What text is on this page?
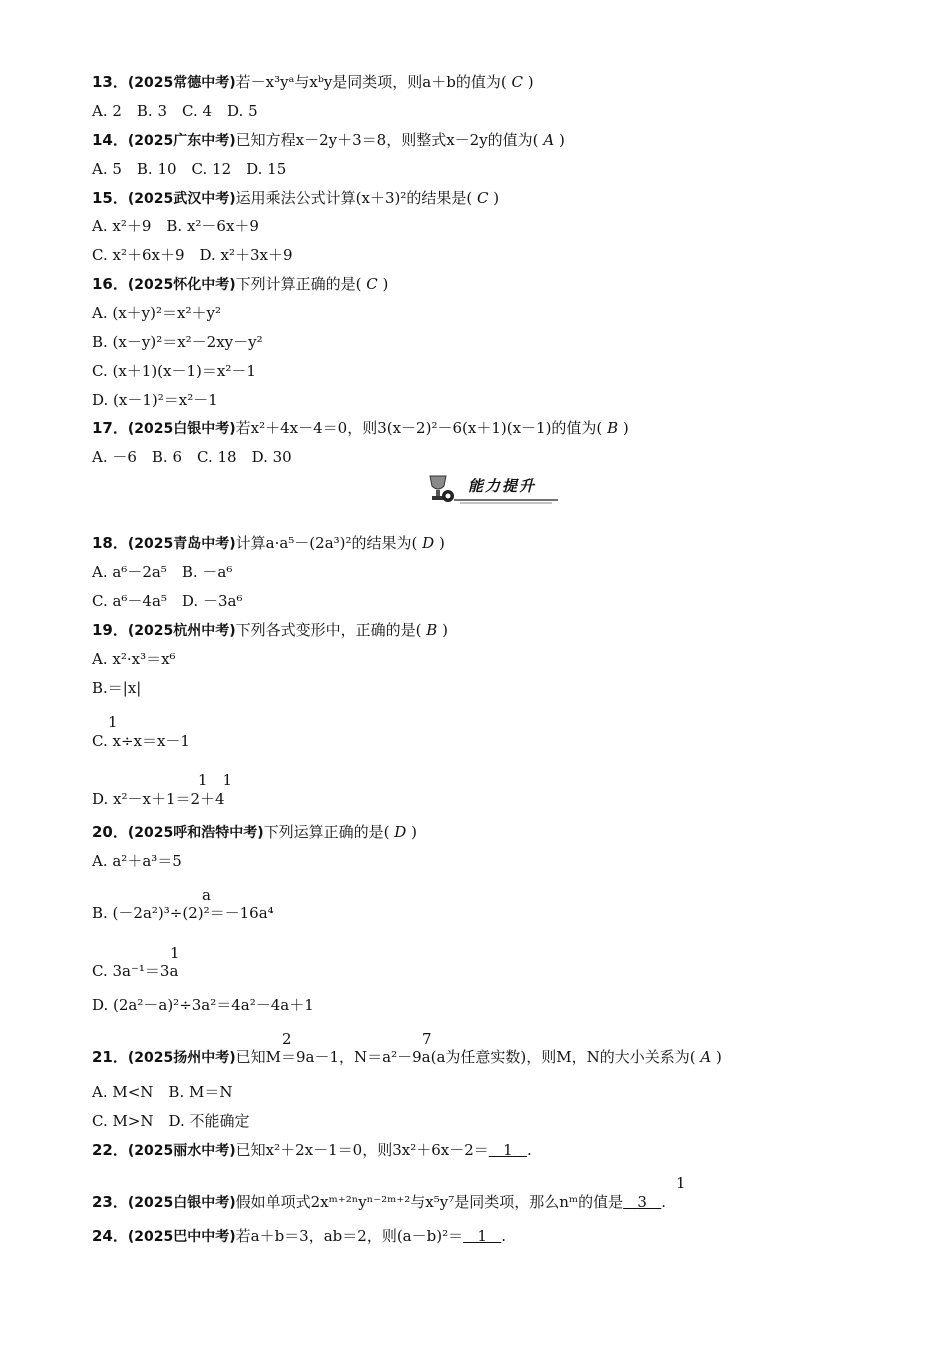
13．(2025常德中考)若－x³yᵃ与xᵇy是同类项，则a＋b的值为( C )
A. 2　B. 3　C. 4　D. 5
14．(2025广东中考)已知方程x－2y＋3＝8，则整式x－2y的值为( A )
A. 5　B. 10　C. 12　D. 15
15．(2025武汉中考)运用乘法公式计算(x＋3)²的结果是( C )
A. x²＋9　B. x²－6x＋9
C. x²＋6x＋9　D. x²＋3x＋9
16．(2025怀化中考)下列计算正确的是( C )
A. (x＋y)²＝x²＋y²
B. (x－y)²＝x²－2xy－y²
C. (x＋1)(x－1)＝x²－1
D. (x－1)²＝x²－1
17．(2025白银中考)若x²＋4x－4＝0，则3(x－2)²－6(x＋1)(x－1)的值为( B )
A. －6　B. 6　C. 18　D. 30
能力提升
18．(2025青岛中考)计算a·a⁵－(2a³)²的结果为( D )
A. a⁶－2a⁵　B. －a⁶
C. a⁶－4a⁵　D. －3a⁶
19．(2025杭州中考)下列各式变形中，正确的是( B )
A. x²·x³＝x⁶
B.＝|x|
1
C. x÷x＝x－1
1　1
D. x²－x＋1＝2＋4
20．(2025呼和浩特中考)下列运算正确的是( D )
A. a²＋a³＝5
a
B. (－2a²)³÷(2)²＝－16a⁴
1
C. 3a⁻¹＝3a
D. (2a²－a)²÷3a²＝4a²－4a＋1
2	7
21．(2025扬州中考)已知M＝9a－1，N＝a²－9a(a为任意实数)，则M，N的大小关系为( A )
A. M<N　B. M＝N
C. M>N　D. 不能确定
22．(2025丽水中考)已知x²＋2x－1＝0，则3x²＋6x－2＝ 1 .
1
23．(2025白银中考)假如单项式2xᵐ⁺²ⁿyⁿ⁻²ᵐ⁺²与x⁵y⁷是同类项，那么nᵐ的值是 3 .
24．(2025巴中中考)若a＋b＝3，ab＝2，则(a－b)²＝ 1 .
